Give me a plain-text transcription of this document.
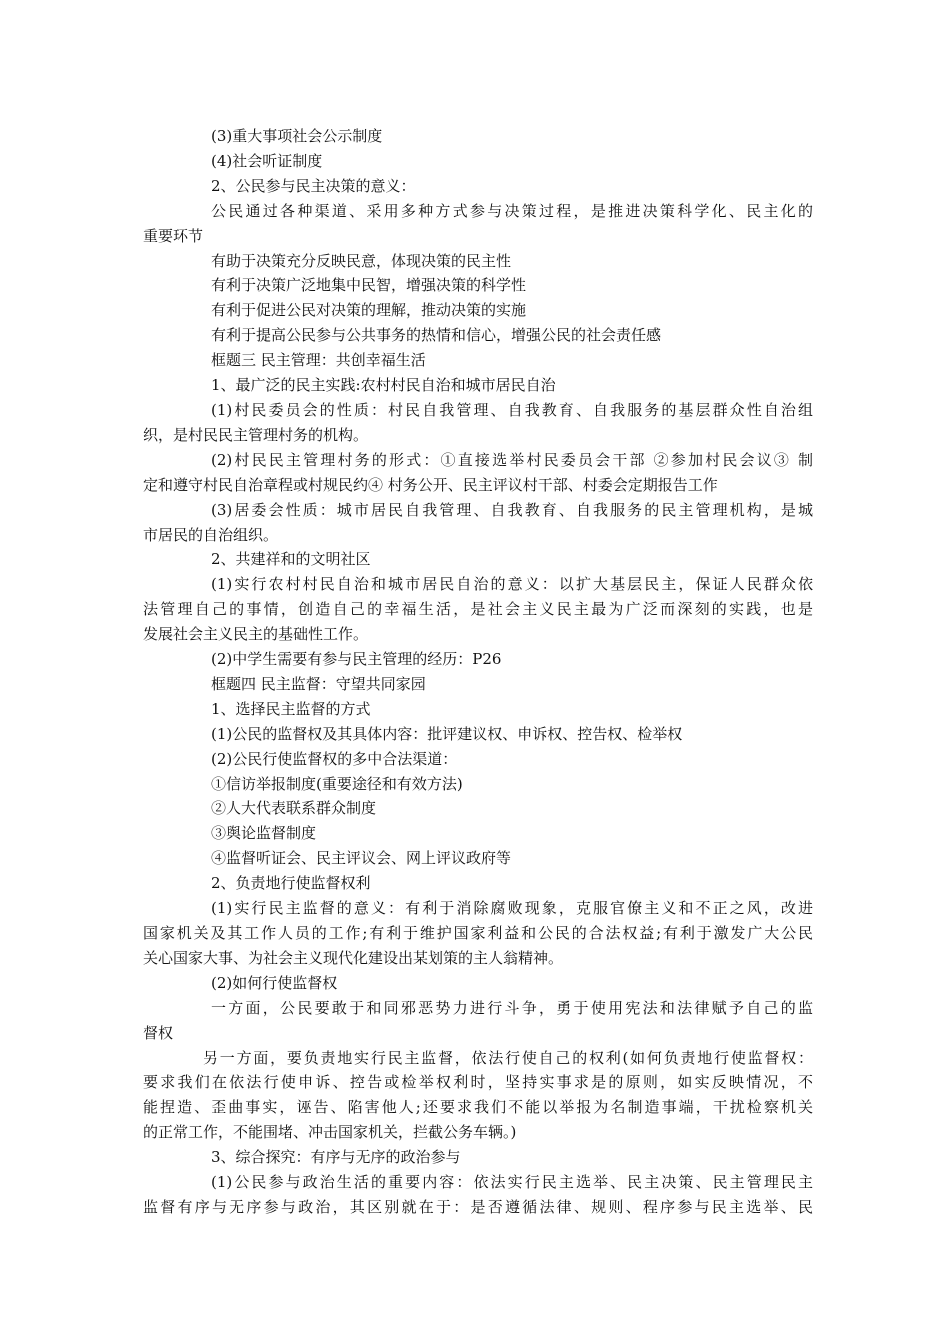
(3)重大事项社会公示制度
(4)社会听证制度
2、公民参与民主决策的意义：
公民通过各种渠道、采用多种方式参与决策过程，是推进决策科学化、民主化的
重要环节
有助于决策充分反映民意，体现决策的民主性
有利于决策广泛地集中民智，增强决策的科学性
有利于促进公民对决策的理解，推动决策的实施
有利于提高公民参与公共事务的热情和信心，增强公民的社会责任感
框题三 民主管理：共创幸福生活
1、最广泛的民主实践:农村村民自治和城市居民自治
(1)村民委员会的性质：村民自我管理、自我教育、自我服务的基层群众性自治组
织，是村民民主管理村务的机构。
(2)村民民主管理村务的形式：①直接选举村民委员会干部 ②参加村民会议③ 制
定和遵守村民自治章程或村规民约④ 村务公开、民主评议村干部、村委会定期报告工作
(3)居委会性质：城市居民自我管理、自我教育、自我服务的民主管理机构，是城
市居民的自治组织。
2、共建祥和的文明社区
(1)实行农村村民自治和城市居民自治的意义：以扩大基层民主，保证人民群众依
法管理自己的事情，创造自己的幸福生活，是社会主义民主最为广泛而深刻的实践，也是
发展社会主义民主的基础性工作。
(2)中学生需要有参与民主管理的经历：P26
框题四 民主监督：守望共同家园
1、选择民主监督的方式
(1)公民的监督权及其具体内容：批评建议权、申诉权、控告权、检举权
(2)公民行使监督权的多中合法渠道：
①信访举报制度(重要途径和有效方法)
②人大代表联系群众制度
③舆论监督制度
④监督听证会、民主评议会、网上评议政府等
2、负责地行使监督权利
(1)实行民主监督的意义：有利于消除腐败现象，克服官僚主义和不正之风，改进
国家机关及其工作人员的工作;有利于维护国家利益和公民的合法权益;有利于激发广大公民
关心国家大事、为社会主义现代化建设出某划策的主人翁精神。
(2)如何行使监督权
一方面，公民要敢于和同邪恶势力进行斗争，勇于使用宪法和法律赋予自己的监
督权
另一方面，要负责地实行民主监督，依法行使自己的权利(如何负责地行使监督权：
要求我们在依法行使申诉、控告或检举权利时，坚持实事求是的原则，如实反映情况，不
能捏造、歪曲事实，诬告、陷害他人;还要求我们不能以举报为名制造事端，干扰检察机关
的正常工作，不能围堵、冲击国家机关，拦截公务车辆。)
3、综合探究：有序与无序的政治参与
(1)公民参与政治生活的重要内容：依法实行民主选举、民主决策、民主管理民主
监督有序与无序参与政治，其区别就在于：是否遵循法律、规则、程序参与民主选举、民
